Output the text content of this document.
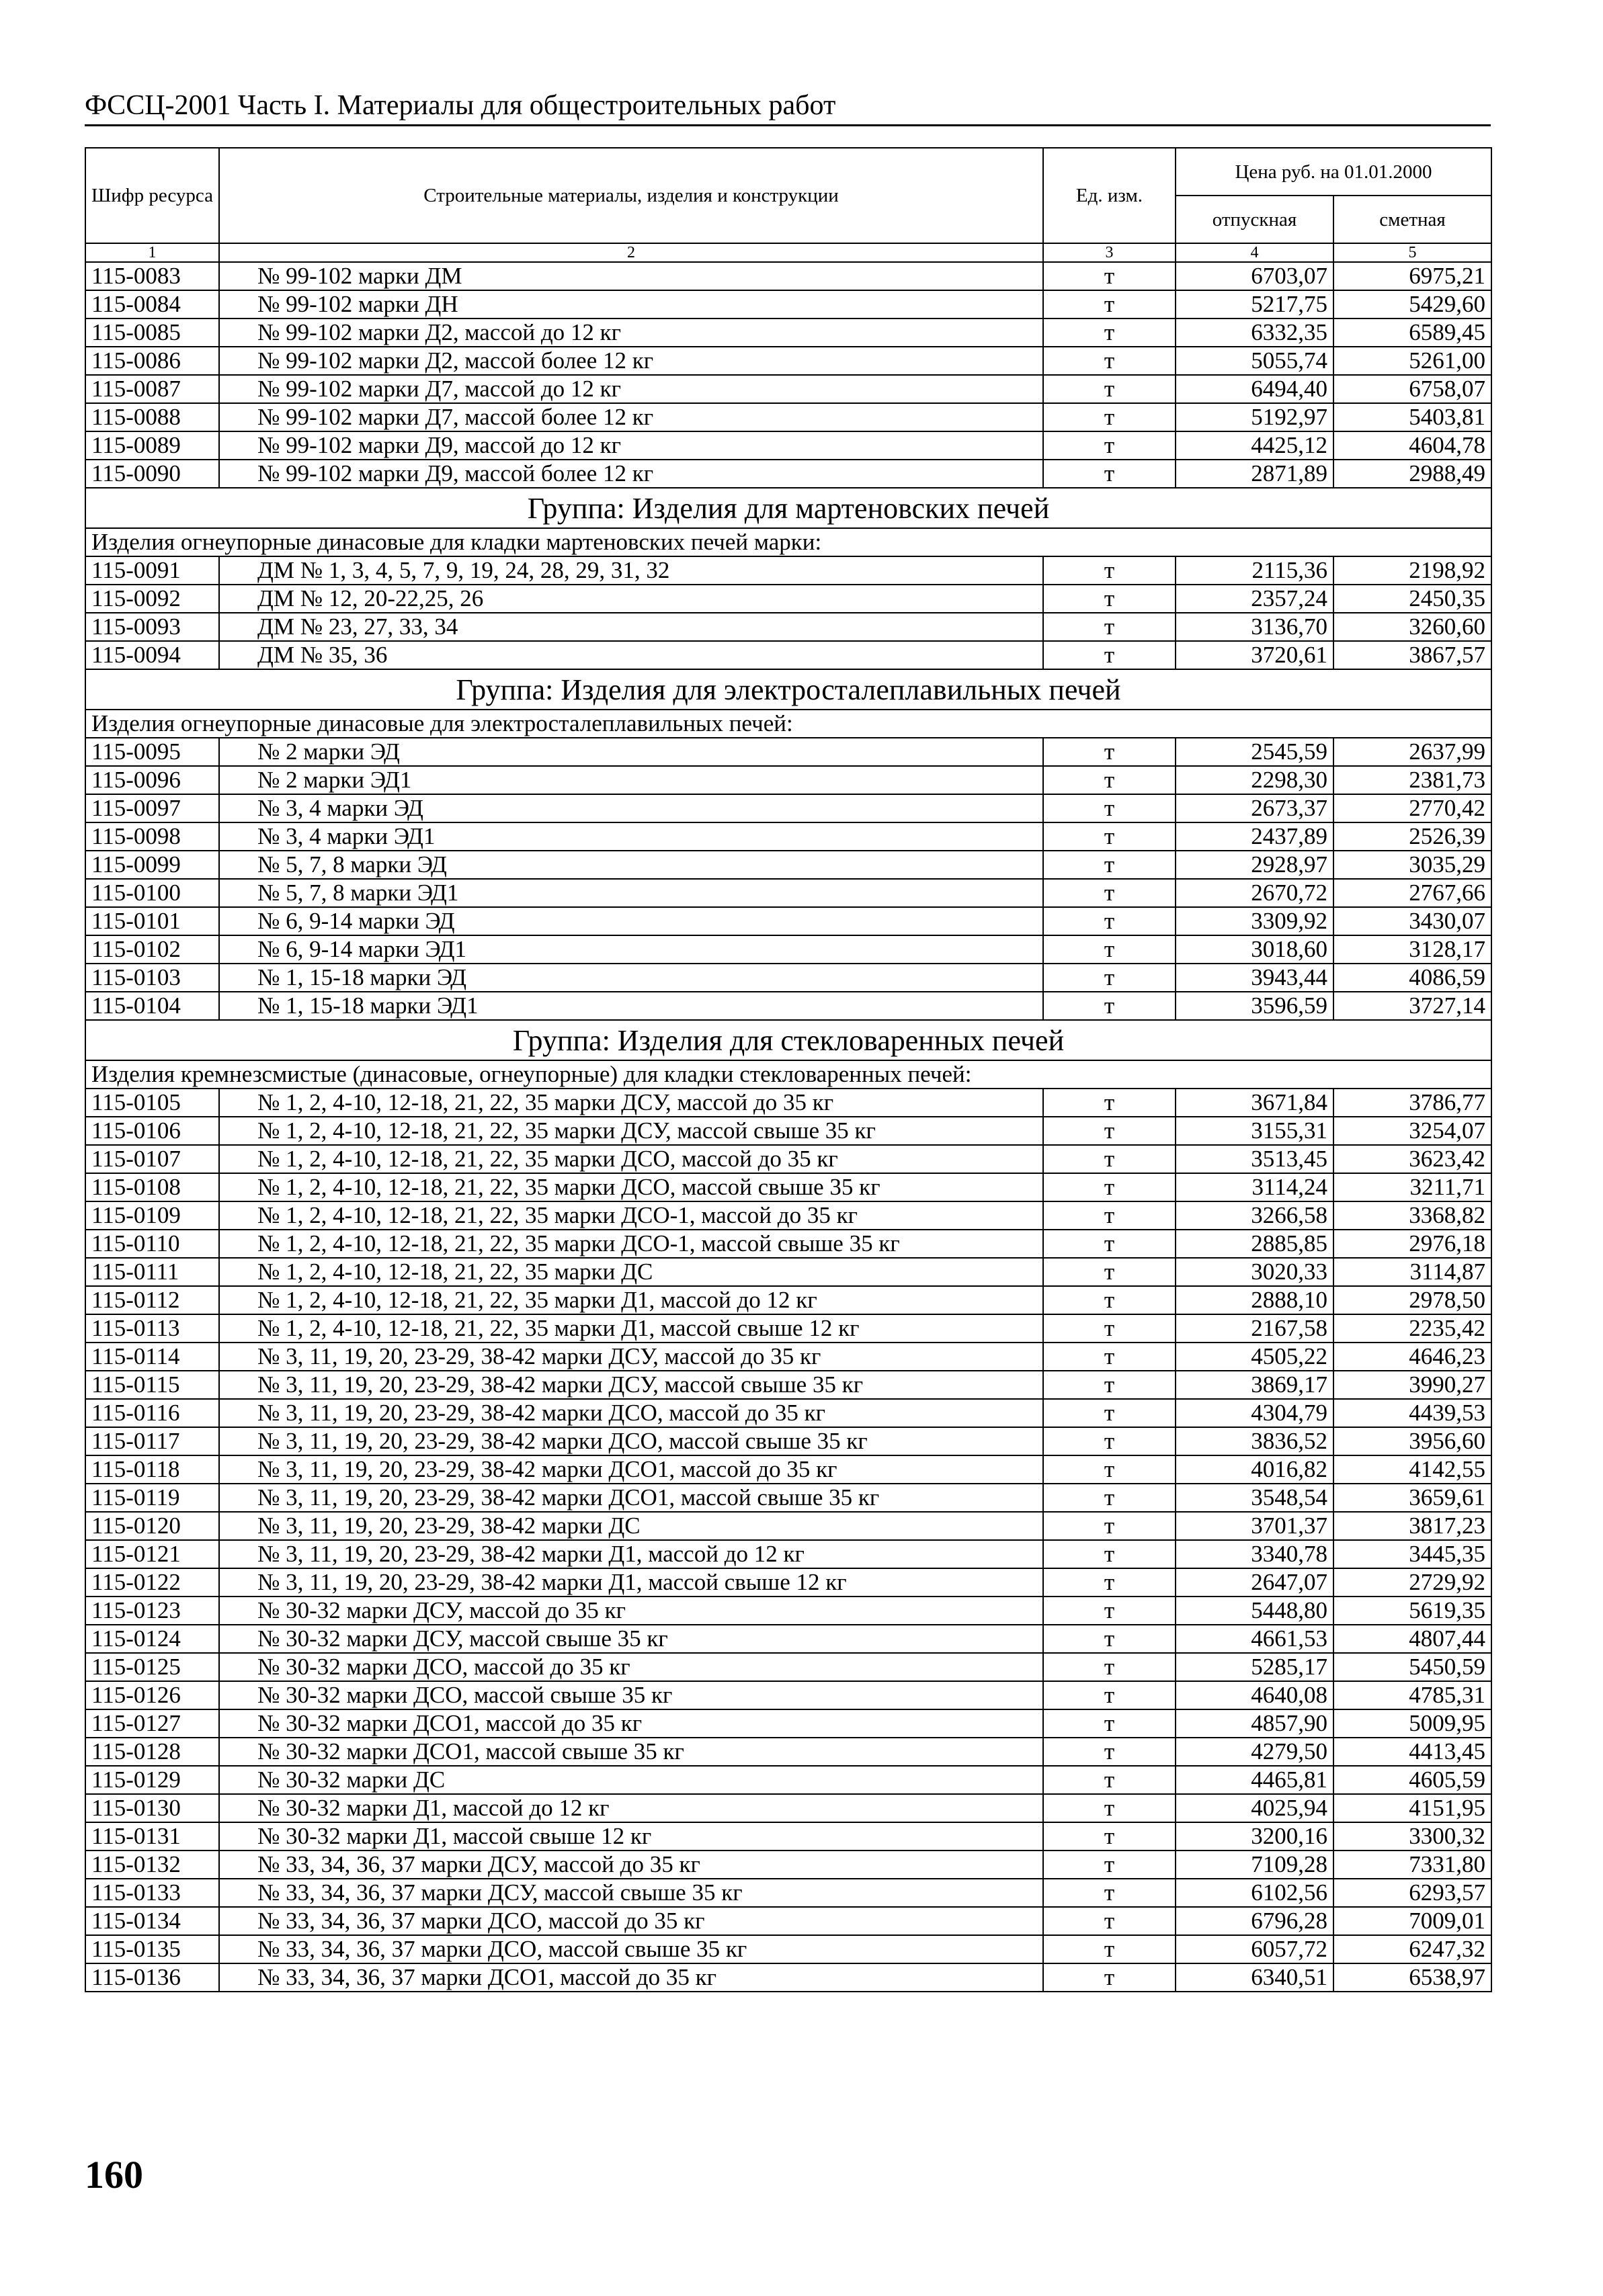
ФССЦ-2001 Часть I. Материалы для общестроительных работ
Шифр ресурса	Строительные материалы, изделия и конструкции	Ед. изм.	Цена руб. на 01.01.2000	
			отпускная	сметная
1	2	3	4	5
115-0083	№ 99-102 марки ДМ	т	6703,07	6975,21
115-0084	№ 99-102 марки ДН	т	5217,75	5429,60
115-0085	№ 99-102 марки Д2, массой до 12 кг	т	6332,35	6589,45
115-0086	№ 99-102 марки Д2, массой более 12 кг	т	5055,74	5261,00
115-0087	№ 99-102 марки Д7, массой до 12 кг	т	6494,40	6758,07
115-0088	№ 99-102 марки Д7, массой более 12 кг	т	5192,97	5403,81
115-0089	№ 99-102 марки Д9, массой до 12 кг	т	4425,12	4604,78
115-0090	№ 99-102 марки Д9, массой более 12 кг	т	2871,89	2988,49
Группа: Изделия для мартеновских печей				
Изделия огнеупорные динасовые для кладки мартеновских печей марки:				
115-0091	ДМ № 1, 3, 4, 5, 7, 9, 19, 24, 28, 29, 31, 32	т	2115,36	2198,92
115-0092	ДМ № 12, 20-22,25, 26	т	2357,24	2450,35
115-0093	ДМ № 23, 27, 33, 34	т	3136,70	3260,60
115-0094	ДМ № 35, 36	т	3720,61	3867,57
Группа: Изделия для электросталеплавильных печей				
Изделия огнеупорные динасовые для электросталеплавильных печей:				
115-0095	№ 2 марки ЭД	т	2545,59	2637,99
115-0096	№ 2 марки ЭД1	т	2298,30	2381,73
115-0097	№ 3, 4 марки ЭД	т	2673,37	2770,42
115-0098	№ 3, 4 марки ЭД1	т	2437,89	2526,39
115-0099	№ 5, 7, 8 марки ЭД	т	2928,97	3035,29
115-0100	№ 5, 7, 8 марки ЭД1	т	2670,72	2767,66
115-0101	№ 6, 9-14 марки ЭД	т	3309,92	3430,07
115-0102	№ 6, 9-14 марки ЭД1	т	3018,60	3128,17
115-0103	№ 1, 15-18 марки ЭД	т	3943,44	4086,59
115-0104	№ 1, 15-18 марки ЭД1	т	3596,59	3727,14
Группа: Изделия для стекловаренных печей				
Изделия кремнезсмистые (динасовые, огнеупорные) для кладки стекловаренных печей:				
115-0105	№ 1, 2, 4-10, 12-18, 21, 22, 35 марки ДСУ, массой до 35 кг	т	3671,84	3786,77
115-0106	№ 1, 2, 4-10, 12-18, 21, 22, 35 марки ДСУ, массой свыше 35 кг	т	3155,31	3254,07
115-0107	№ 1, 2, 4-10, 12-18, 21, 22, 35 марки ДСО, массой до 35 кг	т	3513,45	3623,42
115-0108	№ 1, 2, 4-10, 12-18, 21, 22, 35 марки ДСО, массой свыше 35 кг	т	3114,24	3211,71
115-0109	№ 1, 2, 4-10, 12-18, 21, 22, 35 марки ДСО-1, массой до 35 кг	т	3266,58	3368,82
115-0110	№ 1, 2, 4-10, 12-18, 21, 22, 35 марки ДСО-1, массой свыше 35 кг	т	2885,85	2976,18
115-0111	№ 1, 2, 4-10, 12-18, 21, 22, 35 марки ДС	т	3020,33	3114,87
115-0112	№ 1, 2, 4-10, 12-18, 21, 22, 35 марки Д1, массой до 12 кг	т	2888,10	2978,50
115-0113	№ 1, 2, 4-10, 12-18, 21, 22, 35 марки Д1, массой свыше 12 кг	т	2167,58	2235,42
115-0114	№ 3, 11, 19, 20, 23-29, 38-42 марки ДСУ, массой до 35 кг	т	4505,22	4646,23
115-0115	№ 3, 11, 19, 20, 23-29, 38-42 марки ДСУ, массой свыше 35 кг	т	3869,17	3990,27
115-0116	№ 3, 11, 19, 20, 23-29, 38-42 марки ДСО, массой до 35 кг	т	4304,79	4439,53
115-0117	№ 3, 11, 19, 20, 23-29, 38-42 марки ДСО, массой свыше 35 кг	т	3836,52	3956,60
115-0118	№ 3, 11, 19, 20, 23-29, 38-42 марки ДСО1, массой до 35 кг	т	4016,82	4142,55
115-0119	№ 3, 11, 19, 20, 23-29, 38-42 марки ДСО1, массой свыше 35 кг	т	3548,54	3659,61
115-0120	№ 3, 11, 19, 20, 23-29, 38-42 марки ДС	т	3701,37	3817,23
115-0121	№ 3, 11, 19, 20, 23-29, 38-42 марки Д1, массой до 12 кг	т	3340,78	3445,35
115-0122	№ 3, 11, 19, 20, 23-29, 38-42 марки Д1, массой свыше 12 кг	т	2647,07	2729,92
115-0123	№ 30-32 марки ДСУ, массой до 35 кг	т	5448,80	5619,35
115-0124	№ 30-32 марки ДСУ, массой свыше 35 кг	т	4661,53	4807,44
115-0125	№ 30-32 марки ДСО, массой до 35 кг	т	5285,17	5450,59
115-0126	№ 30-32 марки ДСО, массой свыше 35 кг	т	4640,08	4785,31
115-0127	№ 30-32 марки ДСО1, массой до 35 кг	т	4857,90	5009,95
115-0128	№ 30-32 марки ДСО1, массой свыше 35 кг	т	4279,50	4413,45
115-0129	№ 30-32 марки ДС	т	4465,81	4605,59
115-0130	№ 30-32 марки Д1, массой до 12 кг	т	4025,94	4151,95
115-0131	№ 30-32 марки Д1, массой свыше 12 кг	т	3200,16	3300,32
115-0132	№ 33, 34, 36, 37 марки ДСУ, массой до 35 кг	т	7109,28	7331,80
115-0133	№ 33, 34, 36, 37 марки ДСУ, массой свыше 35 кг	т	6102,56	6293,57
115-0134	№ 33, 34, 36, 37 марки ДСО, массой до 35 кг	т	6796,28	7009,01
115-0135	№ 33, 34, 36, 37 марки ДСО, массой свыше 35 кг	т	6057,72	6247,32
115-0136	№ 33, 34, 36, 37 марки ДСО1, массой до 35 кг	т	6340,51	6538,97
160
